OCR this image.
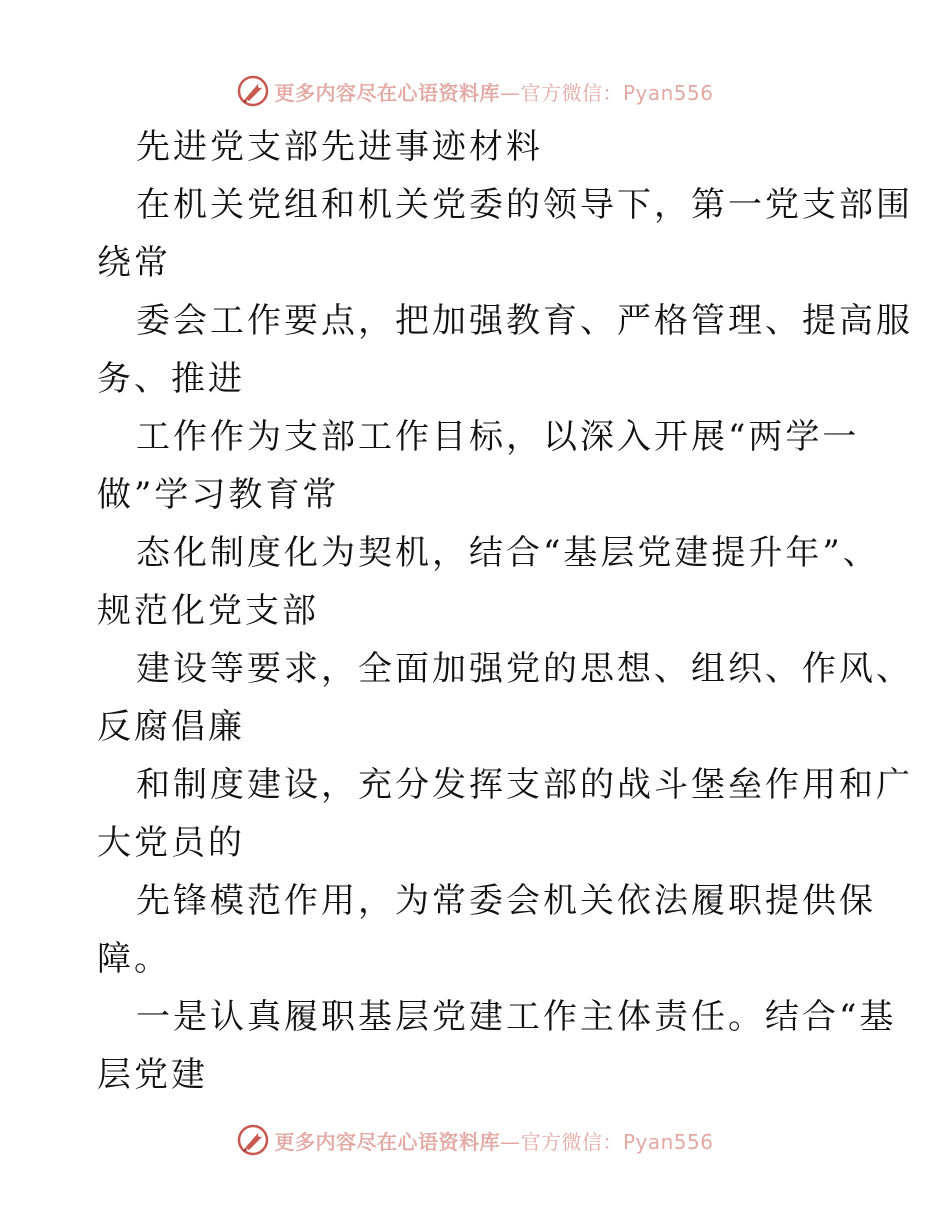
更多内容尽在心语资料库—官方微信：Pyan556
先进党支部先进事迹材料
在机关党组和机关党委的领导下，第一党支部围
绕常
委会工作要点，把加强教育、严格管理、提高服
务、推进
工作作为支部工作目标，以深入开展“两学一
做”学习教育常
态化制度化为契机，结合“基层党建提升年”、
规范化党支部
建设等要求，全面加强党的思想、组织、作风、
反腐倡廉
和制度建设，充分发挥支部的战斗堡垒作用和广
大党员的
先锋模范作用，为常委会机关依法履职提供保
障。
一是认真履职基层党建工作主体责任。结合“基
层党建
更多内容尽在心语资料库—官方微信：Pyan556
